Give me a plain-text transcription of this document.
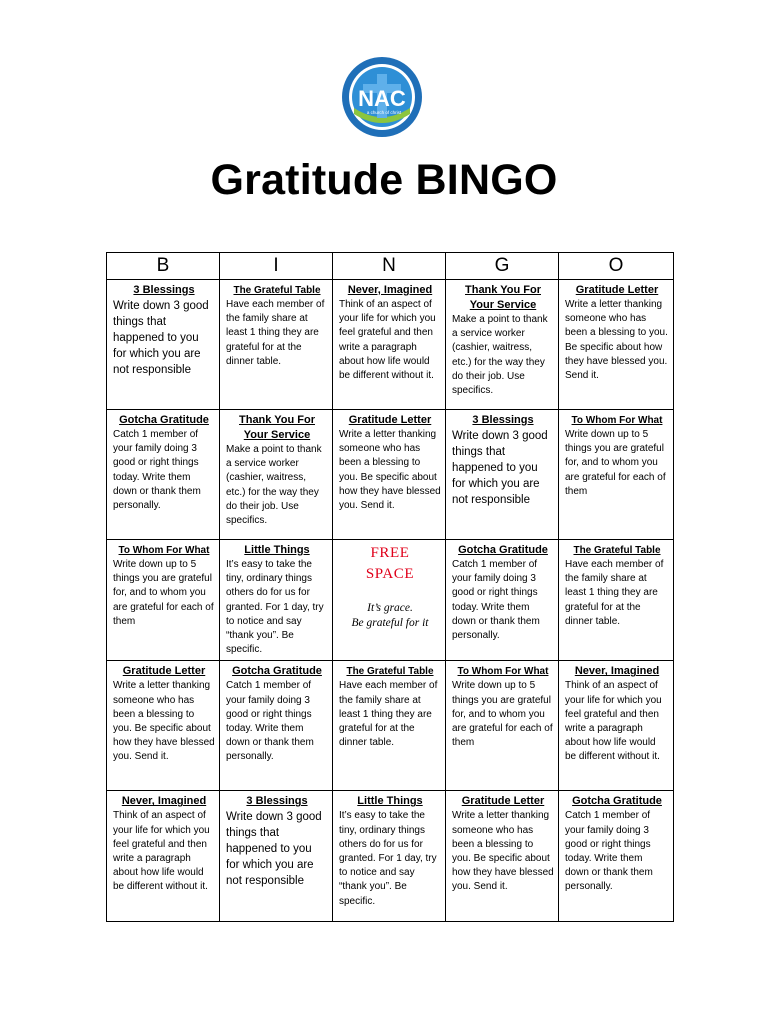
NAC
a church of christ
Gratitude BINGO
B	I	N	G	O

3 Blessings
Write down 3 good things that happened to you for which you are not responsible	The Grateful Table
Have each member of the family share at least 1 thing they are grateful for at the dinner table.	Never, Imagined
Think of an aspect of your life for which you feel grateful and then write a paragraph about how life would be different without it.	Thank You For Your Service
Make a point to thank a service worker (cashier, waitress, etc.) for the way they do their job. Use specifics.	Gratitude Letter
Write a letter thanking someone who has been a blessing to you. Be specific about how they have blessed you. Send it.

Gotcha Gratitude
Catch 1 member of your family doing 3 good or right things today. Write them down or thank them personally.	Thank You For Your Service
Make a point to thank a service worker (cashier, waitress, etc.) for the way they do their job. Use specifics.	Gratitude Letter
Write a letter thanking someone who has been a blessing to you. Be specific about how they have blessed you. Send it.	3 Blessings
Write down 3 good things that happened to you for which you are not responsible	To Whom For What
Write down up to 5 things you are grateful for, and to whom you are grateful for each of them

To Whom For What
Write down up to 5 things you are grateful for, and to whom you are grateful for each of them	Little Things
It’s easy to take the tiny, ordinary things others do for us for granted. For 1 day, try to notice and say “thank you”. Be specific.	FREE
SPACE
It’s grace.
Be grateful for it	Gotcha Gratitude
Catch 1 member of your family doing 3 good or right things today. Write them down or thank them personally.	The Grateful Table
Have each member of the family share at least 1 thing they are grateful for at the dinner table.

Gratitude Letter
Write a letter thanking someone who has been a blessing to you. Be specific about how they have blessed you. Send it.	Gotcha Gratitude
Catch 1 member of your family doing 3 good or right things today. Write them down or thank them personally.	The Grateful Table
Have each member of the family share at least 1 thing they are grateful for at the dinner table.	To Whom For What
Write down up to 5 things you are grateful for, and to whom you are grateful for each of them	Never, Imagined
Think of an aspect of your life for which you feel grateful and then write a paragraph about how life would be different without it.

Never, Imagined
Think of an aspect of your life for which you feel grateful and then write a paragraph about how life would be different without it.	3 Blessings
Write down 3 good things that happened to you for which you are not responsible	Little Things
It’s easy to take the tiny, ordinary things others do for us for granted. For 1 day, try to notice and say “thank you”. Be specific.	Gratitude Letter
Write a letter thanking someone who has been a blessing to you. Be specific about how they have blessed you. Send it.	Gotcha Gratitude
Catch 1 member of your family doing 3 good or right things today. Write them down or thank them personally.
